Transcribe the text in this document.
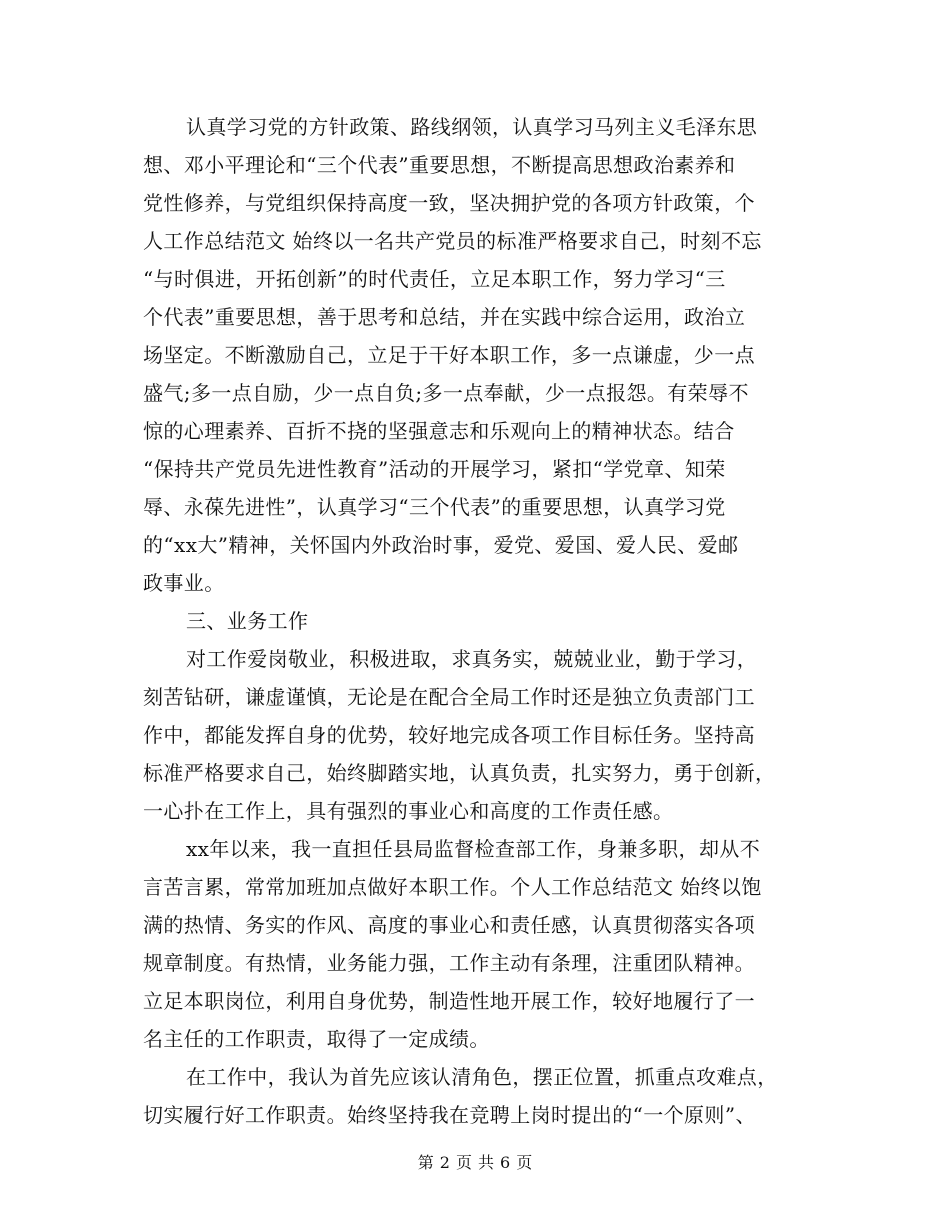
认真学习党的方针政策、路线纲领，认真学习马列主义毛泽东思
想、邓小平理论和“三个代表”重要思想，不断提高思想政治素养和
党性修养，与党组织保持高度一致，坚决拥护党的各项方针政策，个
人工作总结范文 始终以一名共产党员的标准严格要求自己，时刻不忘
“与时俱进，开拓创新”的时代责任，立足本职工作，努力学习“三
个代表”重要思想，善于思考和总结，并在实践中综合运用，政治立
场坚定。不断激励自己，立足于干好本职工作，多一点谦虚，少一点
盛气;多一点自励，少一点自负;多一点奉献，少一点报怨。有荣辱不
惊的心理素养、百折不挠的坚强意志和乐观向上的精神状态。结合
“保持共产党员先进性教育”活动的开展学习，紧扣“学党章、知荣
辱、永葆先进性”，认真学习“三个代表”的重要思想，认真学习党
的“xx大”精神，关怀国内外政治时事，爱党、爱国、爱人民、爱邮
政事业。
三、业务工作
对工作爱岗敬业，积极进取，求真务实，兢兢业业，勤于学习，
刻苦钻研，谦虚谨慎，无论是在配合全局工作时还是独立负责部门工
作中，都能发挥自身的优势，较好地完成各项工作目标任务。坚持高
标准严格要求自己，始终脚踏实地，认真负责，扎实努力，勇于创新，
一心扑在工作上，具有强烈的事业心和高度的工作责任感。
xx年以来，我一直担任县局监督检查部工作，身兼多职，却从不
言苦言累，常常加班加点做好本职工作。个人工作总结范文 始终以饱
满的热情、务实的作风、高度的事业心和责任感，认真贯彻落实各项
规章制度。有热情，业务能力强，工作主动有条理，注重团队精神。
立足本职岗位，利用自身优势，制造性地开展工作，较好地履行了一
名主任的工作职责，取得了一定成绩。
在工作中，我认为首先应该认清角色，摆正位置，抓重点攻难点，
切实履行好工作职责。始终坚持我在竞聘上岗时提出的“一个原则”、
第 2 页 共 6 页
